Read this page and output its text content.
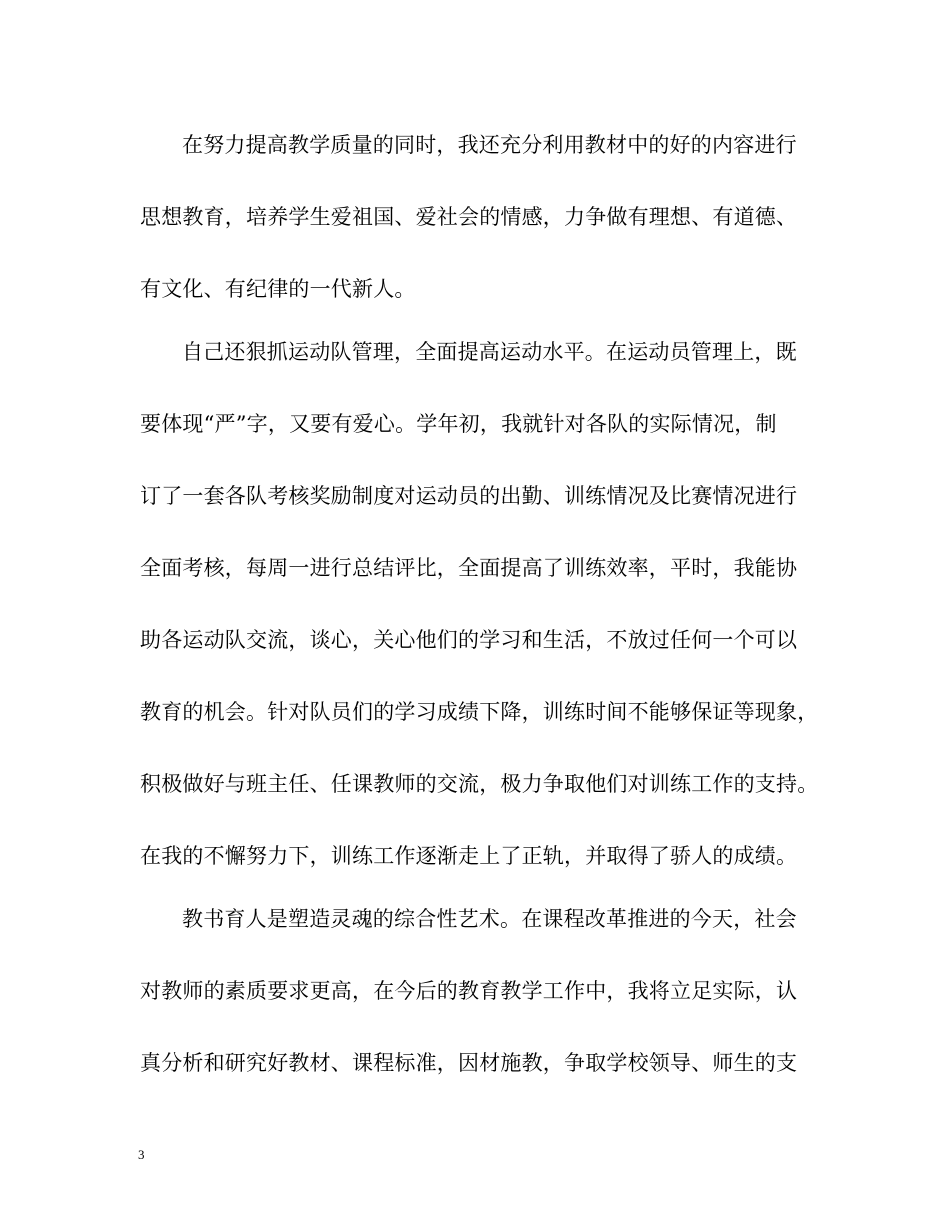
在努力提高教学质量的同时，我还充分利用教材中的好的内容进行
思想教育，培养学生爱祖国、爱社会的情感，力争做有理想、有道德、
有文化、有纪律的一代新人。
自己还狠抓运动队管理，全面提高运动水平。在运动员管理上，既
要体现“严”字，又要有爱心。学年初，我就针对各队的实际情况，制
订了一套各队考核奖励制度对运动员的出勤、训练情况及比赛情况进行
全面考核，每周一进行总结评比，全面提高了训练效率，平时，我能协
助各运动队交流，谈心，关心他们的学习和生活，不放过任何一个可以
教育的机会。针对队员们的学习成绩下降，训练时间不能够保证等现象，
积极做好与班主任、任课教师的交流，极力争取他们对训练工作的支持。
在我的不懈努力下，训练工作逐渐走上了正轨，并取得了骄人的成绩。
教书育人是塑造灵魂的综合性艺术。在课程改革推进的今天，社会
对教师的素质要求更高，在今后的教育教学工作中，我将立足实际，认
真分析和研究好教材、课程标准，因材施教，争取学校领导、师生的支
3
